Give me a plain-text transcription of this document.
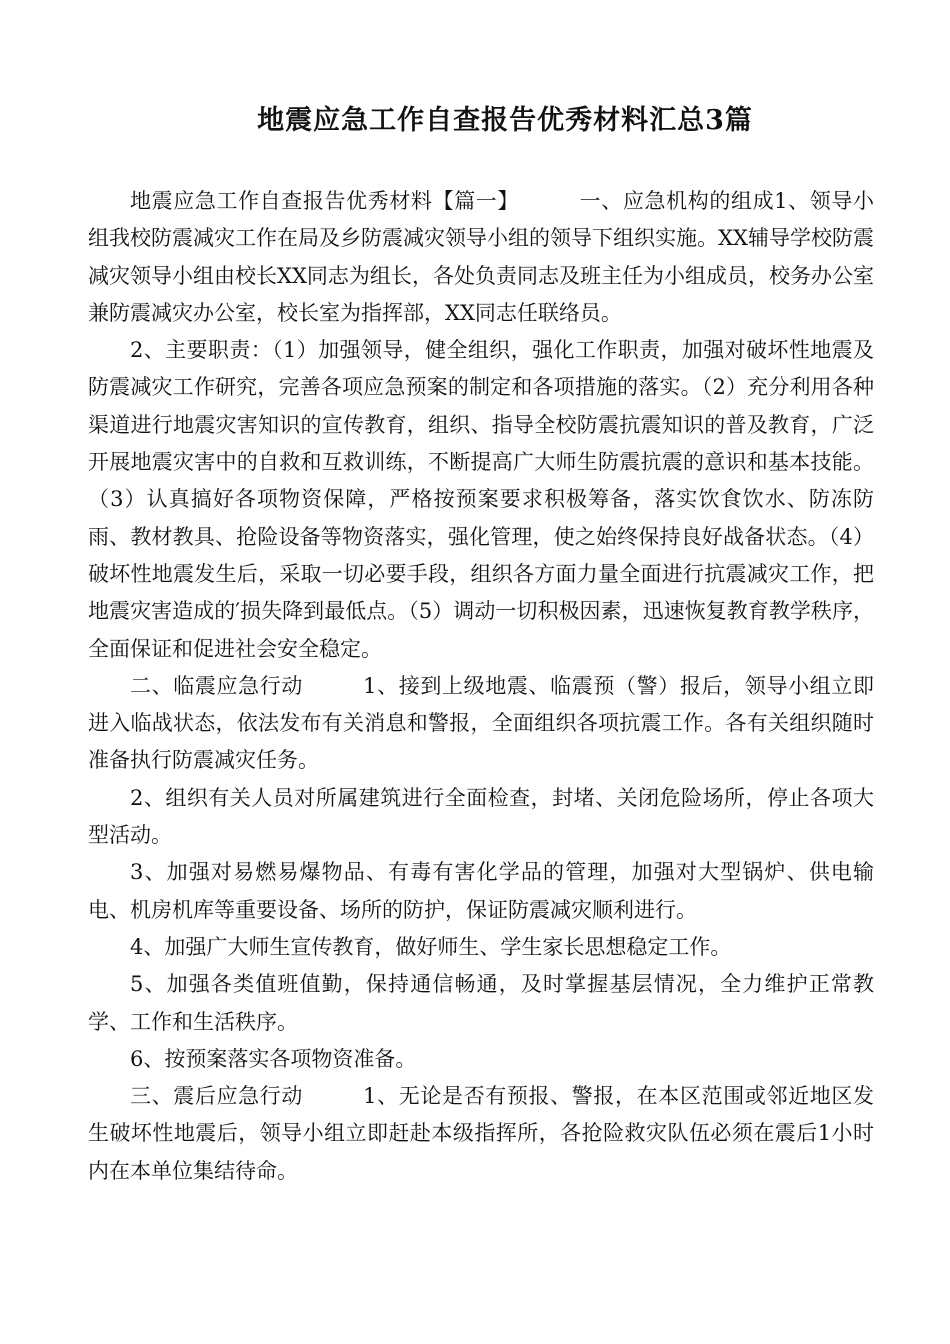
地震应急工作自查报告优秀材料汇总3篇

地震应急工作自查报告优秀材料【篇一】	一、应急机构的组成1、领导小组我校防震减灾工作在局及乡防震减灾领导小组的领导下组织实施。XX辅导学校防震减灾领导小组由校长XX同志为组长，各处负责同志及班主任为小组成员，校务办公室兼防震减灾办公室，校长室为指挥部，XX同志任联络员。

2、主要职责：（1）加强领导，健全组织，强化工作职责，加强对破坏性地震及防震减灾工作研究，完善各项应急预案的制定和各项措施的落实。（2）充分利用各种渠道进行地震灾害知识的宣传教育，组织、指导全校防震抗震知识的普及教育，广泛开展地震灾害中的自救和互救训练，不断提高广大师生防震抗震的意识和基本技能。（3）认真搞好各项物资保障，严格按预案要求积极筹备，落实饮食饮水、防冻防雨、教材教具、抢险设备等物资落实，强化管理，使之始终保持良好战备状态。（4）破坏性地震发生后，采取一切必要手段，组织各方面力量全面进行抗震减灾工作，把地震灾害造成的′损失降到最低点。（5）调动一切积极因素，迅速恢复教育教学秩序，全面保证和促进社会安全稳定。

二、临震应急行动	1、接到上级地震、临震预（警）报后，领导小组立即进入临战状态，依法发布有关消息和警报，全面组织各项抗震工作。各有关组织随时准备执行防震减灾任务。

2、组织有关人员对所属建筑进行全面检查，封堵、关闭危险场所，停止各项大型活动。

3、加强对易燃易爆物品、有毒有害化学品的管理，加强对大型锅炉、供电输电、机房机库等重要设备、场所的防护，保证防震减灾顺利进行。

4、加强广大师生宣传教育，做好师生、学生家长思想稳定工作。

5、加强各类值班值勤，保持通信畅通，及时掌握基层情况，全力维护正常教学、工作和生活秩序。

6、按预案落实各项物资准备。

三、震后应急行动	1、无论是否有预报、警报，在本区范围或邻近地区发生破坏性地震后，领导小组立即赶赴本级指挥所，各抢险救灾队伍必须在震后1小时内在本单位集结待命。
